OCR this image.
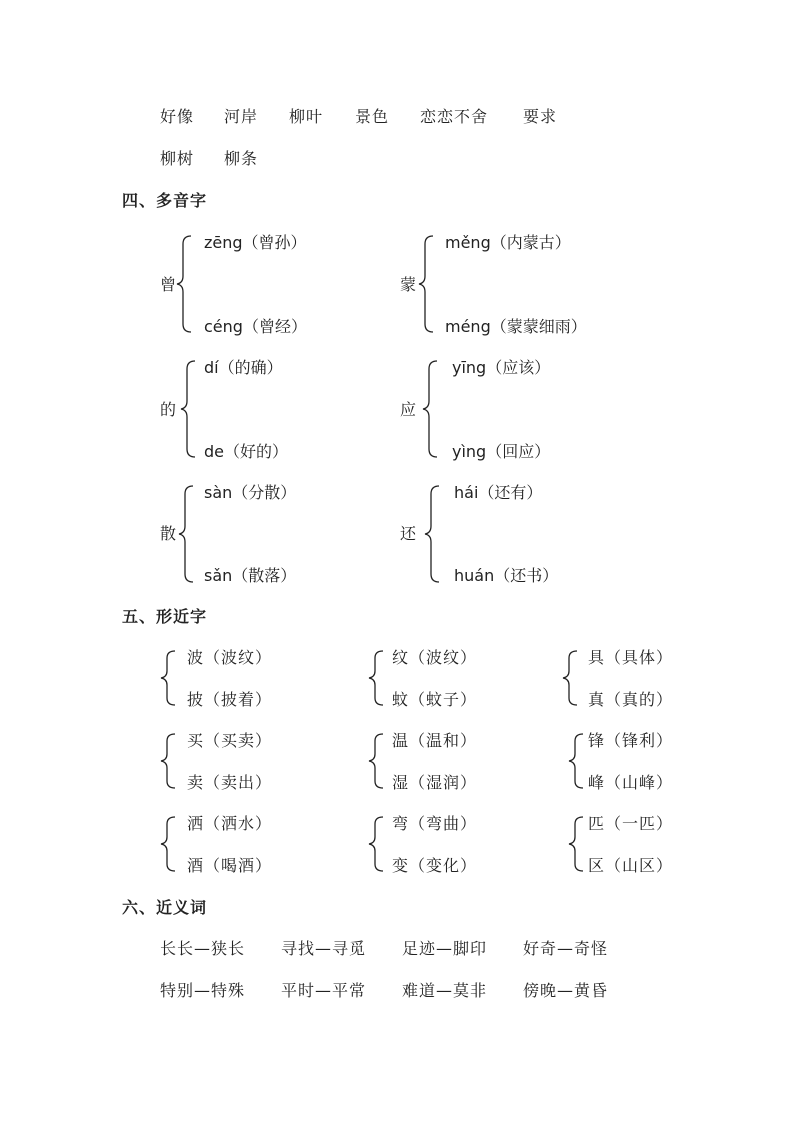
好像 河岸 柳叶 景色 恋恋不舍 要求
柳树 柳条
四、多音字
曾
zēng（曾孙）
céng（曾经）
蒙
měng（内蒙古）
méng（蒙蒙细雨）
的
dí（的确）
de（好的）
应
yīng（应该）
yìng（回应）
散
sàn（分散）
sǎn（散落）
还
hái（还有）
huán（还书）
五、形近字
波（波纹）
披（披着）
纹（波纹）
蚊（蚊子）
具（具体）
真（真的）
买（买卖）
卖（卖出）
温（温和）
湿（湿润）
锋（锋利）
峰（山峰）
洒（洒水）
酒（喝酒）
弯（弯曲）
变（变化）
匹（一匹）
区（山区）
六、近义词
长长—狭长 寻找—寻觅 足迹—脚印 好奇—奇怪
特别—特殊 平时—平常 难道—莫非 傍晚—黄昏
